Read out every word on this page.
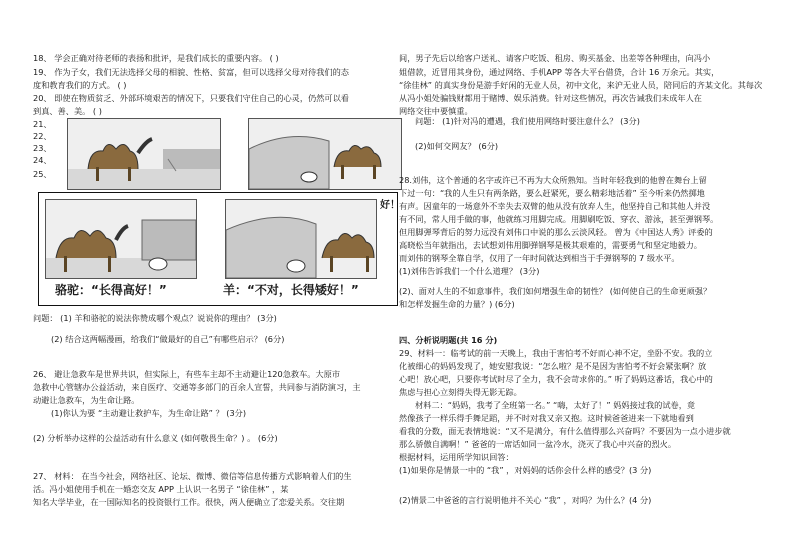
18、 学会正确对待老师的表扬和批评，是我们成长的重要内容。 ( )
19、 作为子女，我们无法选择父母的相貌、性格、贫富，但可以选择父母对待我们的态
度和教育我们的方式。 ( )
20、 即使在物质贫乏、外部环境艰苦的情况下，只要我们守住自己的心灵，仍然可以看
到真、善、美。 ( )
21、
22、
23、
24、
25、
骆驼：“长得高好！”	羊：“不对，长得矮好！”
好！
问题： (1) 羊和骆驼的说法你赞成哪个观点？说说你的理由？ (3分)
(2) 结合这两幅漫画，给我们“做最好的自己”有哪些启示？ (6分)
26、 避让急救车是世界共识，但实际上，有些车主却不主动避让120急救车。大原市
急救中心管辖办公益活动，来自医疗、交通等多部门的百余人宣誓，共同参与消防演习，主
动避让急救车，为生命让路。
(1)你认为要 “主动避让救护车，为生命让路” ？ (3分)
(2) 分析举办这样的公益活动有什么意义 (如何敬畏生命？) 。 (6分)
27、 材料： 在当今社会，网络社区、论坛、微博、微信等信息传播方式影响着人们的生
活。冯小姐使用手机在一婚恋交友 APP 上认识一名男子 “徐佳林” ，某
知名大学毕业，在一国际知名的投资银行工作。很快，两人便确立了恋爱关系。交往期
间，男子先后以给客户送礼、请客户吃饭、租房、购买基金、出差等各种理由，向冯小
姐借款，近冒用其身份，通过网络、手机APP 等各大平台借贷，合计 16 万余元。其实，
“徐佳林” 的真实身份是游手好闲的无业人员，初中文化，来沪无业人员，陪同后的齐某文化。其每次
从冯小姐处骗钱财都用于赌博、娱乐消费。针对这些情况，再次告诫我们未成年人在
网络交往中要慎重。
问题： (1)针对冯的遭遇，我们使用网络时要注意什么？ (3分)
(2)如何交网友？ (6分)
28.刘伟，这个普通的名字或许已不再为大众所熟知。当时年轻我到的他曾在舞台上留
下过一句：“我的人生只有两条路，要么赶紧死，要么精彩地活着” 至今听来仍然掷地
有声。因童年的一场意外不幸失去双臂的他从没有放弃人生，他坚持自己和其他人并没
有不同，常人用手做的事，他就练习用脚完成。用脚刷吃饭、穿衣、游泳，甚至弹钢琴。
但用脚弹琴背后的努力远没有刘伟口中说的那么云淡风轻。 曾为《中国达人秀》评委的
高晓松当年就指出，去试想刘伟用脚弹钢琴是极其艰难的，需要勇气和坚定地毅力。
而刘伟的钢琴全靠自学，仅用了一年时间就达到相当于手弹钢琴的 7 级水平。
(1)刘伟告诉我们一个什么道理？ (3分)
(2)、面对人生的不如意事件，我们如何增强生命的韧性？ (如何使自己的生命更顽强？
和怎样发掘生命的力量？) (6分)
四、分析说明题(共 16 分)
29、材料一：临考试的前一天晚上，我由于害怕考不好而心神不定，坐卧不安。我的立
化被细心的妈妈发现了，她安慰我说：“怎么啦？是不是因为害怕考不好会紧张啊？放
心吧！放心吧，只要你考试时尽了全力，我不会苛求你的。” 听了妈妈这番话，我心中的
焦虑与担心立刻得失得无影无踪。
材料二：“妈妈，我考了全班第一名。” “嗨，太好了！” 妈妈接过我的试卷，竟
然像孩子一样乐得手舞足蹈，并不时对我又亲又抱。这时候爸爸进来一下就地看到
看我的分数，面无表情地说：“又不是满分，有什么值得那么兴奋吗？不要因为一点小进步就
那么骄傲自满啊！” 爸爸的一席话如同一盆冷水，浇灭了我心中兴奋的烈火。
根据材料，运用所学知识回答：
(1)如果你是情景一中的 “我” ，对妈妈的话你会什么样的感受？(3 分)
(2)情景二中爸爸的言行说明他并不关心 “我” ，对吗？为什么？(4 分)
